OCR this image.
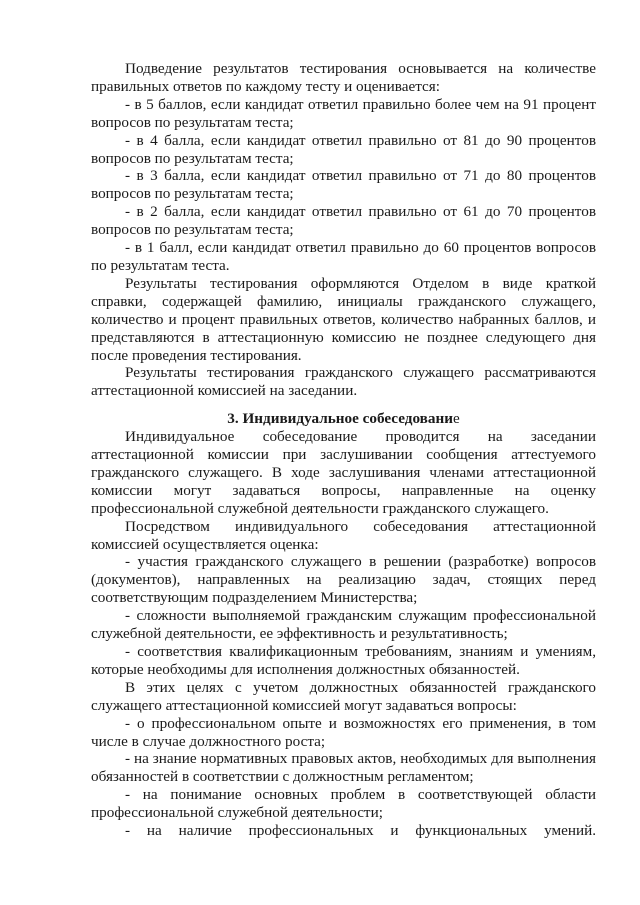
Подведение результатов тестирования основывается на количестве правильных ответов по каждому тесту и оценивается:

- в 5 баллов, если кандидат ответил правильно более чем на 91 процент вопросов по результатам теста;

- в 4 балла, если кандидат ответил правильно от 81 до 90 процентов вопросов по результатам теста;

- в 3 балла, если кандидат ответил правильно от 71 до 80 процентов вопросов по результатам теста;

- в 2 балла, если кандидат ответил правильно от 61 до 70 процентов вопросов по результатам теста;

- в 1 балл, если кандидат ответил правильно до 60 процентов вопросов по результатам теста.

Результаты тестирования оформляются Отделом в виде краткой справки, содержащей фамилию, инициалы гражданского служащего, количество и процент правильных ответов, количество набранных баллов, и представляются в аттестационную комиссию не позднее следующего дня после проведения тестирования.

Результаты тестирования гражданского служащего рассматриваются аттестационной комиссией на заседании.

3. Индивидуальное собеседование

Индивидуальное собеседование проводится на заседании аттестационной комиссии при заслушивании сообщения аттестуемого гражданского служащего. В ходе заслушивания членами аттестационной комиссии могут задаваться вопросы, направленные на оценку профессиональной служебной деятельности гражданского служащего.

Посредством индивидуального собеседования аттестационной комиссией осуществляется оценка:

- участия гражданского служащего в решении (разработке) вопросов (документов), направленных на реализацию задач, стоящих перед соответствующим подразделением Министерства;

- сложности выполняемой гражданским служащим профессиональной служебной деятельности, ее эффективность и результативность;

- соответствия квалификационным требованиям, знаниям и умениям, которые необходимы для исполнения должностных обязанностей.

В этих целях с учетом должностных обязанностей гражданского служащего аттестационной комиссией могут задаваться вопросы:

- о профессиональном опыте и возможностях его применения, в том числе в случае должностного роста;

- на знание нормативных правовых актов, необходимых для выполнения обязанностей в соответствии с должностным регламентом;

- на понимание основных проблем в соответствующей области профессиональной служебной деятельности;

- на наличие профессиональных и функциональных умений.
